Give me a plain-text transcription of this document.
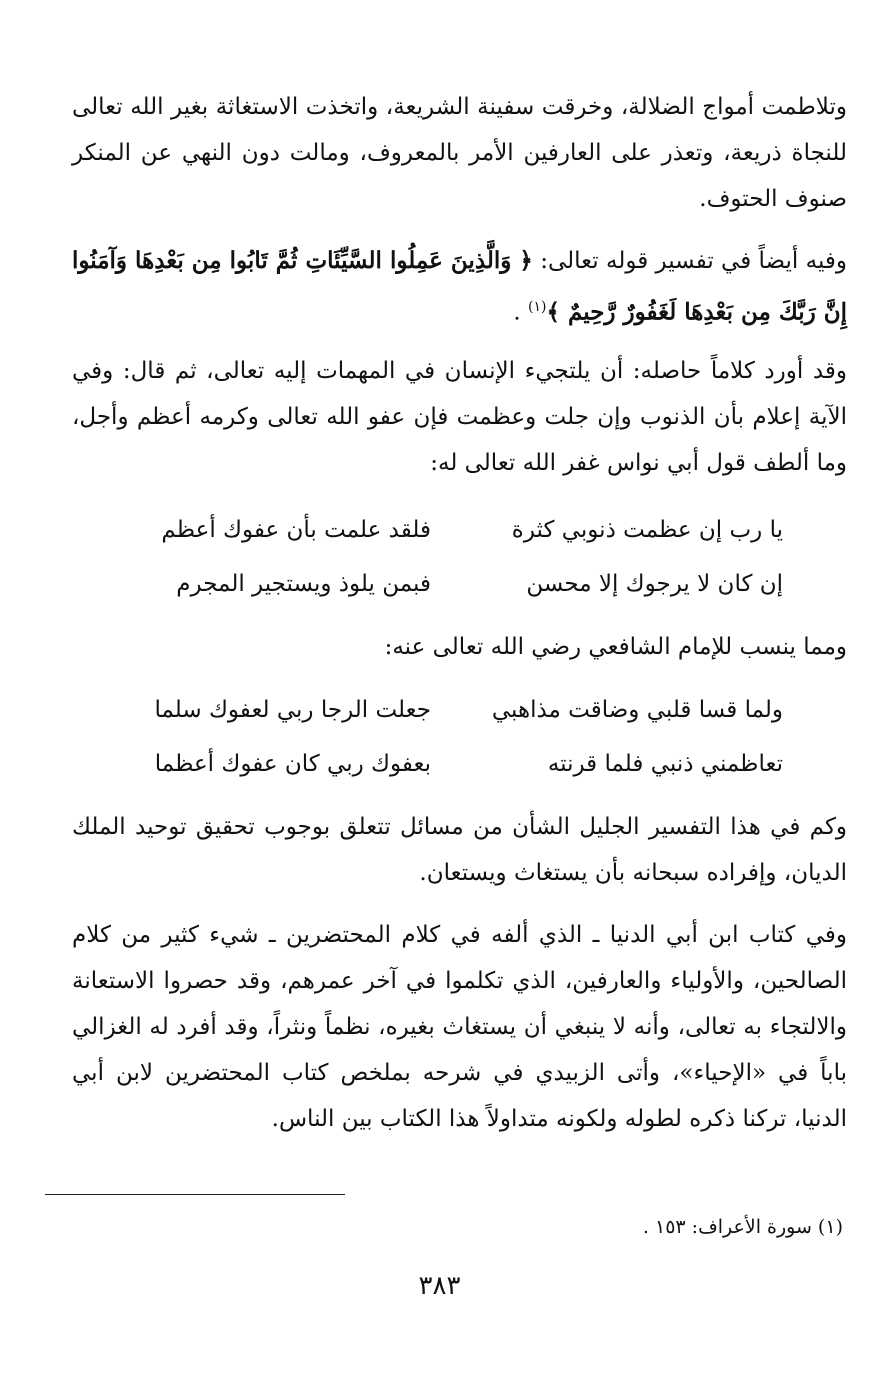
وتلاطمت أمواج الضلالة، وخرقت سفينة الشريعة، واتخذت الاستغاثة بغير الله تعالى للنجاة ذريعة، وتعذر على العارفين الأمر بالمعروف، ومالت دون النهي عن المنكر صنوف الحتوف.

وفيه أيضاً في تفسير قوله تعالى: ﴿ وَالَّذِينَ عَمِلُوا السَّيِّئَاتِ ثُمَّ تَابُوا مِن بَعْدِهَا وَآمَنُوا إِنَّ رَبَّكَ مِن بَعْدِهَا لَغَفُورٌ رَّحِيمٌ ﴾$^{(١)}$ .

وقد أورد كلاماً حاصله: أن يلتجيء الإنسان في المهمات إليه تعالى، ثم قال: وفي الآية إعلام بأن الذنوب وإن جلت وعظمت فإن عفو الله تعالى وكرمه أعظم وأجل، وما ألطف قول أبي نواس غفر الله تعالى له:

يا رب إن عظمت ذنوبي كثرة
فلقد علمت بأن عفوك أعظم
إن كان لا يرجوك إلا محسن
فبمن يلوذ ويستجير المجرم

ومما ينسب للإمام الشافعي رضي الله تعالى عنه:

ولما قسا قلبي وضاقت مذاهبي
جعلت الرجا ربي لعفوك سلما
تعاظمني ذنبي فلما قرنته
بعفوك ربي كان عفوك أعظما

وكم في هذا التفسير الجليل الشأن من مسائل تتعلق بوجوب تحقيق توحيد الملك الديان، وإفراده سبحانه بأن يستغاث ويستعان.

وفي كتاب ابن أبي الدنيا ـ الذي ألفه في كلام المحتضرين ـ شيء كثير من كلام الصالحين، والأولياء والعارفين، الذي تكلموا في آخر عمرهم، وقد حصروا الاستعانة والالتجاء به تعالى، وأنه لا ينبغي أن يستغاث بغيره، نظماً ونثراً، وقد أفرد له الغزالي باباً في «الإحياء»، وأتى الزبيدي في شرحه بملخص كتاب المحتضرين لابن أبي الدنيا، تركنا ذكره لطوله ولكونه متداولاً هذا الكتاب بين الناس.

(١) سورة الأعراف: ١٥٣ .
٣٨٣
